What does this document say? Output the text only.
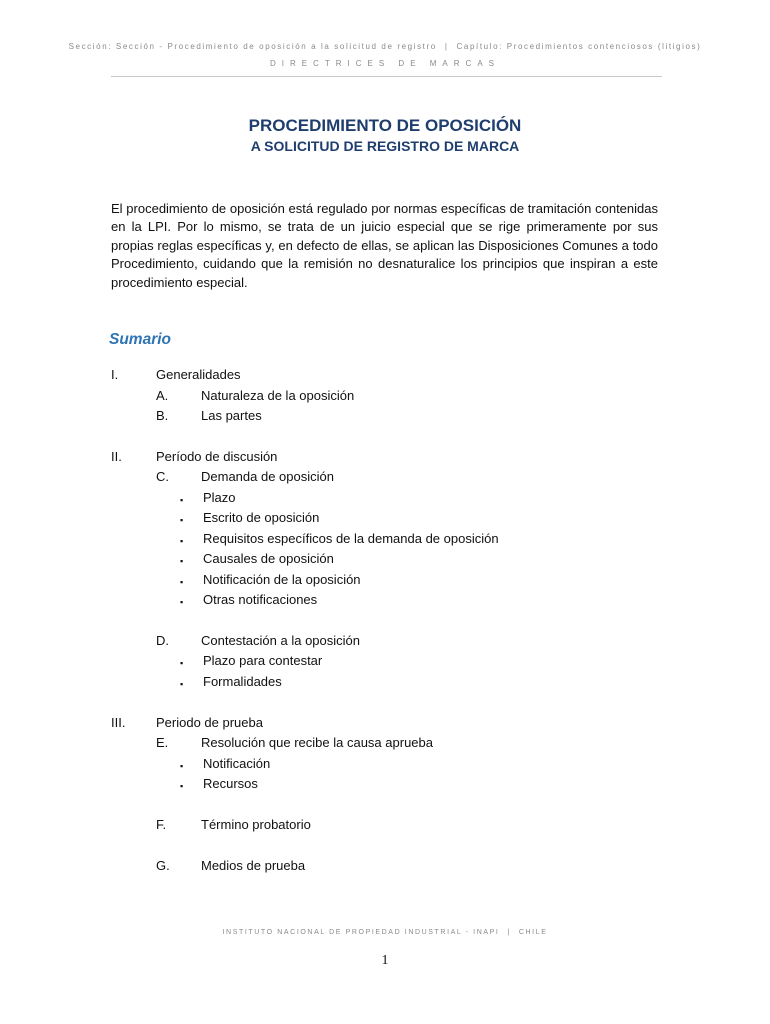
Sección: Sección - Procedimiento de oposición a la solicitud de registro | Capítulo: Procedimientos contenciosos (litigios)
DIRECTRICES DE MARCAS
PROCEDIMIENTO DE OPOSICIÓN
A SOLICITUD DE REGISTRO DE MARCA
El procedimiento de oposición está regulado por normas específicas de tramitación contenidas en la LPI. Por lo mismo, se trata de un juicio especial que se rige primeramente por sus propias reglas específicas y, en defecto de ellas, se aplican las Disposiciones Comunes a todo Procedimiento, cuidando que la remisión no desnaturalice los principios que inspiran a este procedimiento especial.
Sumario
I.	Generalidades
A.	Naturaleza de la oposición
B.	Las partes
II.	Período de discusión
C. Demanda de oposición
▪ Plazo
▪ Escrito de oposición
▪ Requisitos específicos de la demanda de oposición
▪ Causales de oposición
▪ Notificación de la oposición
▪ Otras notificaciones
D. Contestación a la oposición
▪ Plazo para contestar
▪ Formalidades
III. Periodo de prueba
E.	Resolución que recibe la causa aprueba
▪ Notificación
▪ Recursos
F.	Término probatorio
G. Medios de prueba
INSTITUTO NACIONAL DE PROPIEDAD INDUSTRIAL - INAPI | CHILE
1
